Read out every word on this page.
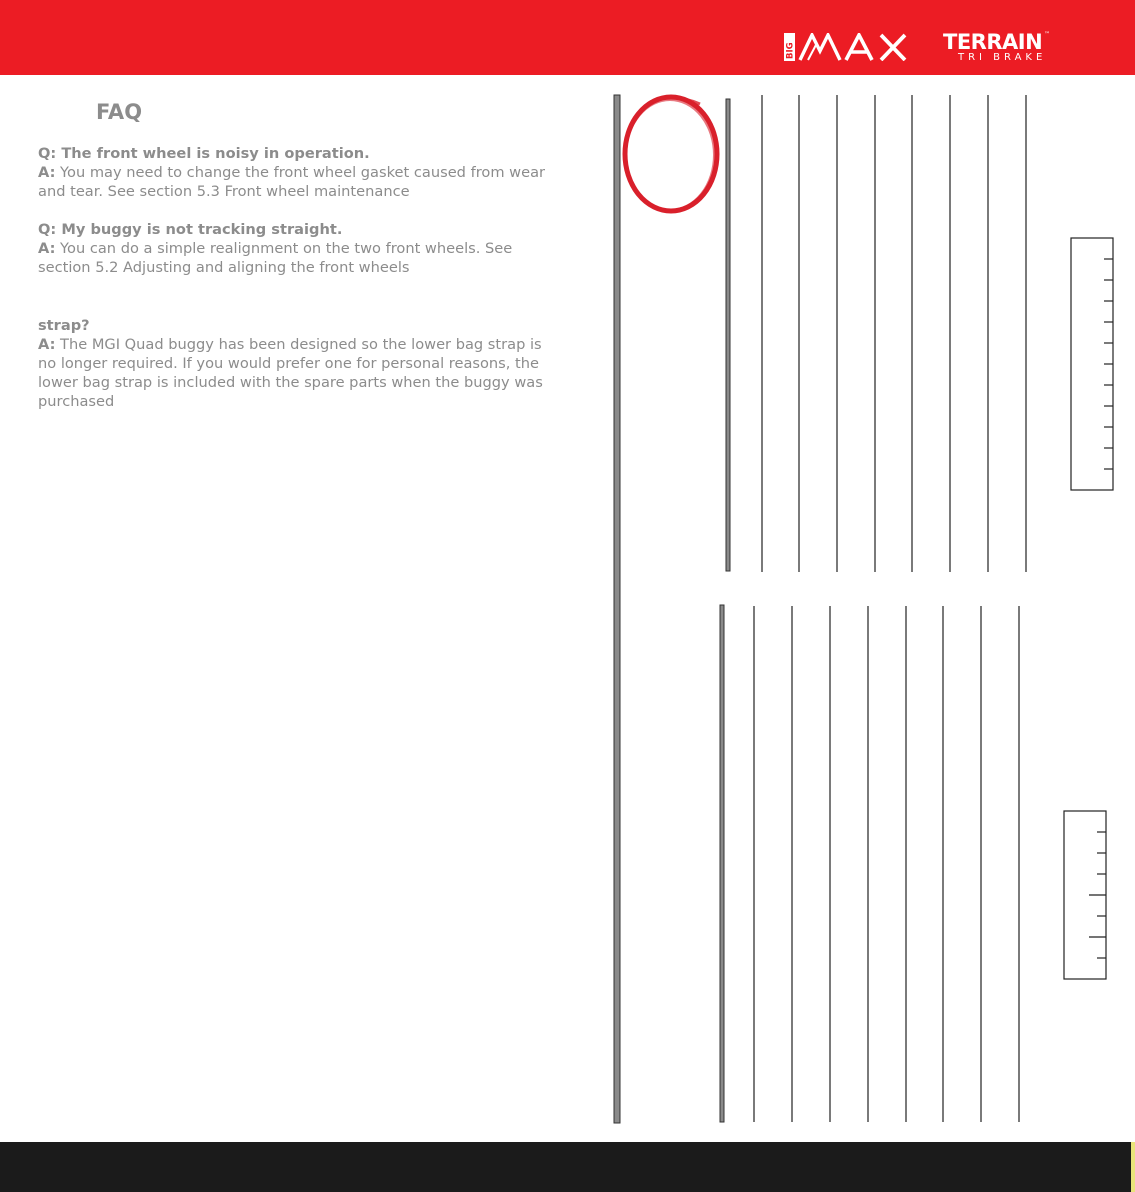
BIG	TERRAIN ™
TRI BRAKE
FAQ

Q: The front wheel is noisy in operation.

A: You may need to change the front wheel gasket caused from wear and tear. See section 5.3 Front wheel maintenance

Q: My buggy is not tracking straight.

A: You can do a simple realignment on the two front wheels. See section 5.2 Adjusting and aligning the front wheels

strap?

A: The MGI Quad buggy has been designed so the lower bag strap is no longer required. If you would prefer one for personal reasons, the lower bag strap is included with the spare parts when the buggy was purchased
